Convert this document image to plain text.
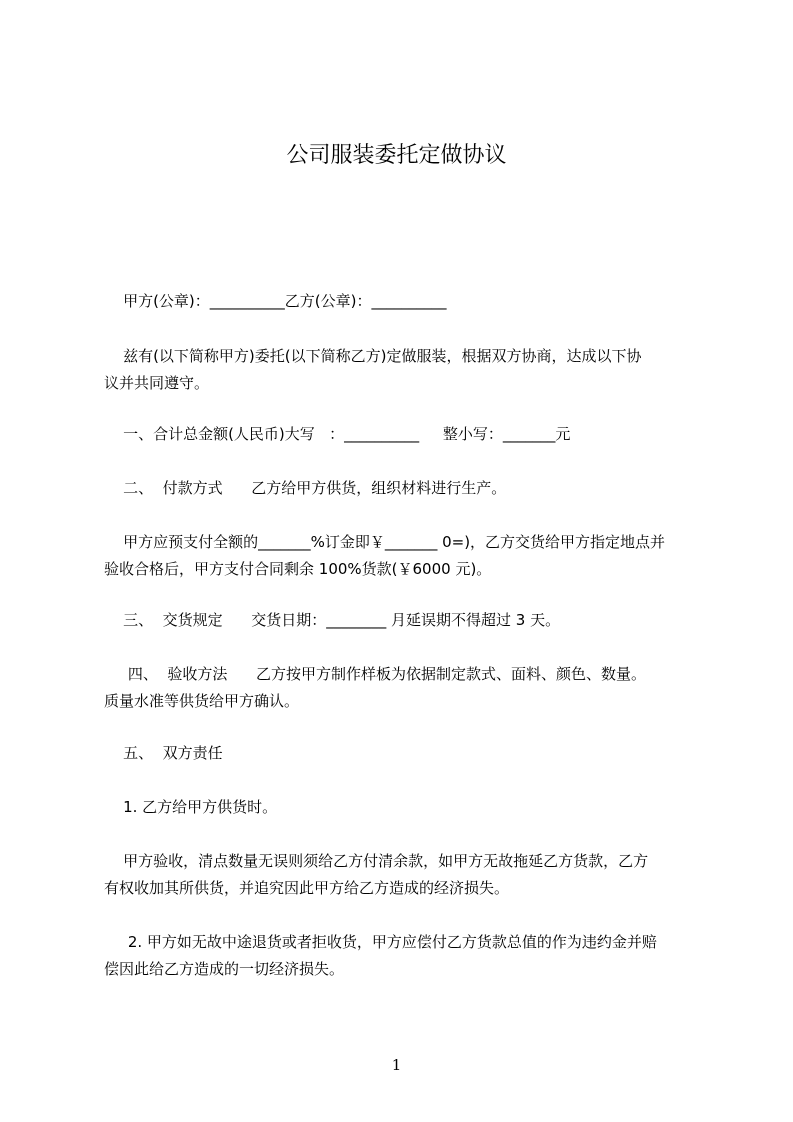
公司服装委托定做协议

甲方(公章)：__________乙方(公章)：__________

兹有(以下简称甲方)委托(以下简称乙方)定做服装，根据双方协商，达成以下协

议并共同遵守。

一、合计总金额(人民币)大写   ：__________     整小写：_______元

二、  付款方式      乙方给甲方供货，组织材料进行生产。

甲方应预支付全额的_______%订金即￥_______ 0=)，乙方交货给甲方指定地点并

验收合格后，甲方支付合同剩余 100%货款(￥6000 元)。

三、  交货规定      交货日期：________ 月延误期不得超过 3 天。

四、  验收方法      乙方按甲方制作样板为依据制定款式、面料、颜色、数量。

质量水准等供货给甲方确认。

五、  双方责任

1. 乙方给甲方供货时。

甲方验收，清点数量无误则须给乙方付清余款，如甲方无故拖延乙方货款，乙方

有权收加其所供货，并追究因此甲方给乙方造成的经济损失。

2. 甲方如无故中途退货或者拒收货，甲方应偿付乙方货款总值的作为违约金并赔

偿因此给乙方造成的一切经济损失。

1
